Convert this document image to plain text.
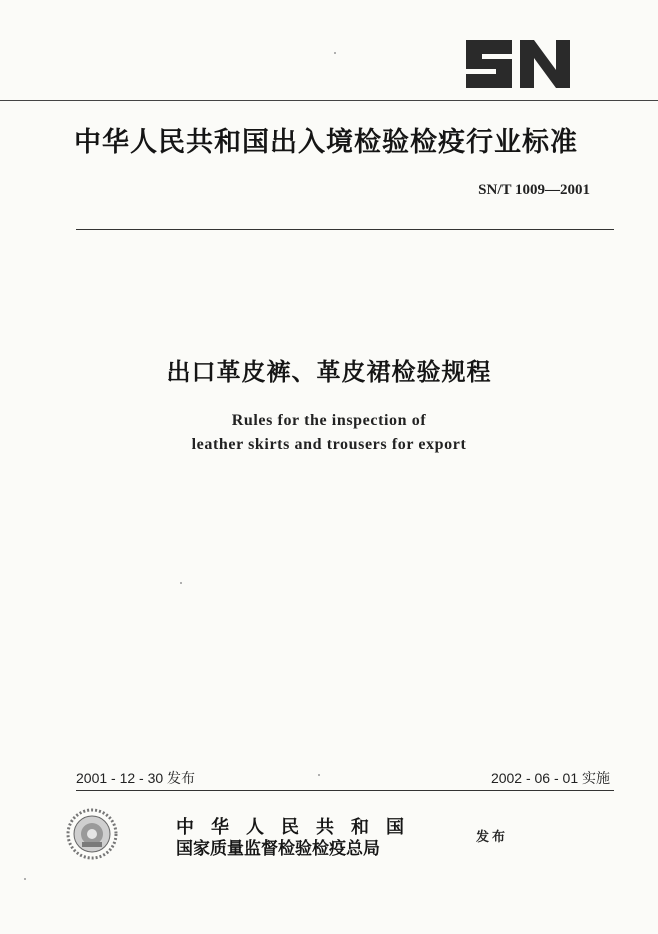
中华人民共和国出入境检验检疫行业标准
SN/T 1009—2001
出口革皮裤、革皮裙检验规程
Rules for the inspection of
leather skirts and trousers for export
2001 - 12 - 30 发布	2002 - 06 - 01 实施
中华人民共和国
国家质量监督检验检疫总局
发布
